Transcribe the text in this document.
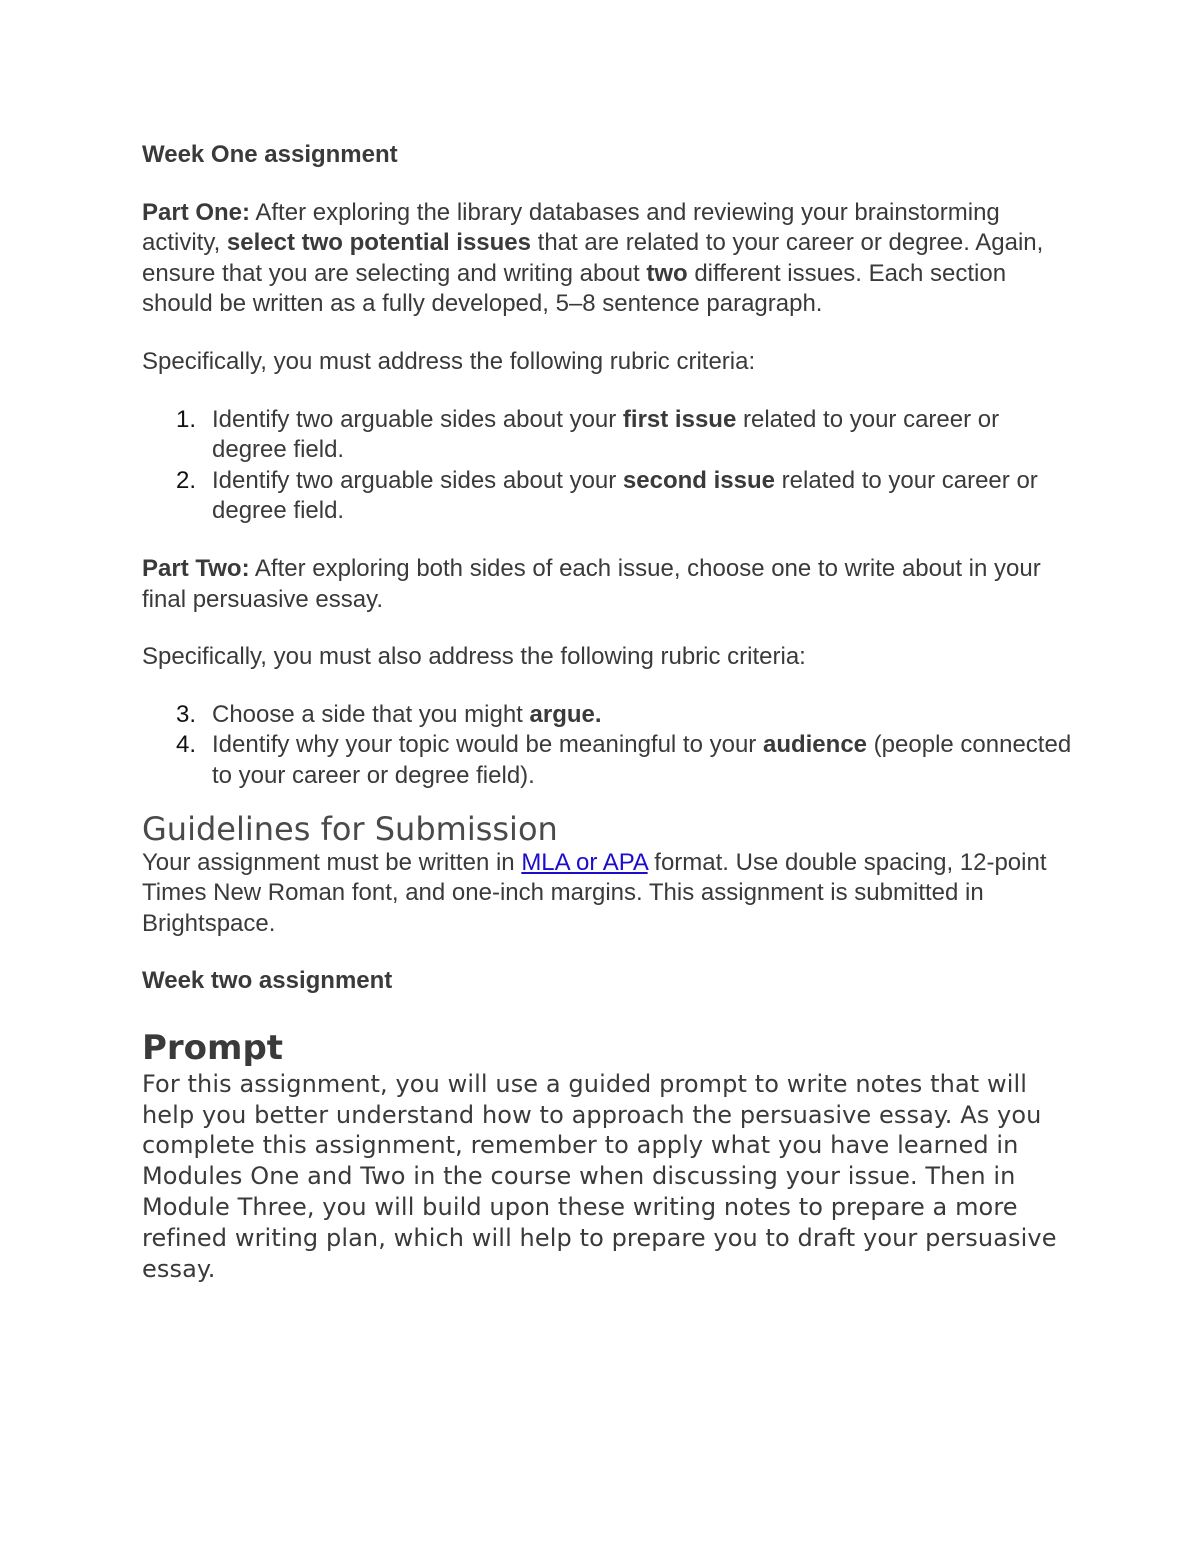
Week One assignment

Part One: After exploring the library databases and reviewing your brainstorming activity, select two potential issues that are related to your career or degree. Again, ensure that you are selecting and writing about two different issues. Each section should be written as a fully developed, 5–8 sentence paragraph.

Specifically, you must address the following rubric criteria:

1. Identify two arguable sides about your first issue related to your career or degree field.
2. Identify two arguable sides about your second issue related to your career or degree field.

Part Two: After exploring both sides of each issue, choose one to write about in your final persuasive essay.

Specifically, you must also address the following rubric criteria:

3. Choose a side that you might argue.
4. Identify why your topic would be meaningful to your audience (people connected to your career or degree field).
Guidelines for Submission

Your assignment must be written in MLA or APA format. Use double spacing, 12-point Times New Roman font, and one-inch margins. This assignment is submitted in Brightspace.

Week two assignment

Prompt

For this assignment, you will use a guided prompt to write notes that will help you better understand how to approach the persuasive essay. As you complete this assignment, remember to apply what you have learned in Modules One and Two in the course when discussing your issue. Then in Module Three, you will build upon these writing notes to prepare a more refined writing plan, which will help to prepare you to draft your persuasive essay.
